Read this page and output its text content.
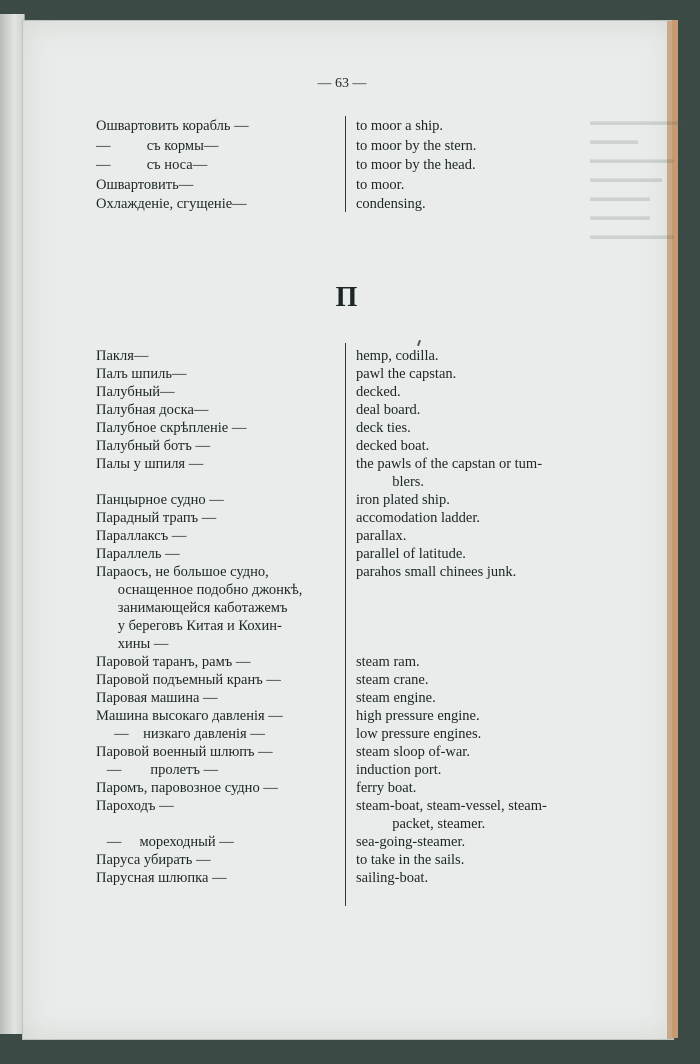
▬▬▬▬▬▬▬▬
▬▬▬▬
▬▬▬▬▬▬▬
▬▬▬▬▬▬
▬▬▬▬▬
▬▬▬▬▬
▬▬▬▬▬▬▬
— 63 —
Ошвартовить корабль —
—          съ кормы—
—          съ носа—
Ошвартовить—
Охлажденіе, сгущеніе—
to moor a ship.
to moor by the stern.
to moor by the head.
to moor.
condensing.
П
Пакля—
Палъ шпиль—
Палубный—
Палубная доска—
Палубное скрѣпленіе —
Палубный ботъ —
Палы у шпиля —

Панцырное судно —
Парадный трапъ —
Параллаксъ —
Параллель —
Параосъ, не большое судно,
оснащенное подобно джонкѣ,
занимающейся каботажемъ
у береговъ Китая и Кохин-
хины —
Паровой таранъ, рамъ —
Паровой подъемный кранъ —
Паровая машина —
Машина высокаго давленія —
—    низкаго давленія —
Паровой военный шлюпъ —
—        пролетъ —
Паромъ, паровозное судно —
Пароходъ —

—     мореходный —
Паруса убирать —
Парусная шлюпка —
hemp, codilla.
pawl the capstan.
decked.
deal board.
deck ties.
decked boat.
the pawls of the capstan or tum-
blers.
iron plated ship.
accomodation ladder.
parallax.
parallel of latitude.
parahos small chinees junk.

steam ram.
steam crane.
steam engine.
high pressure engine.
low pressure engines.
steam sloop of-war.
induction port.
ferry boat.
steam-boat, steam-vessel, steam-
packet, steamer.
sea-going-steamer.
to take in the sails.
sailing-boat.
